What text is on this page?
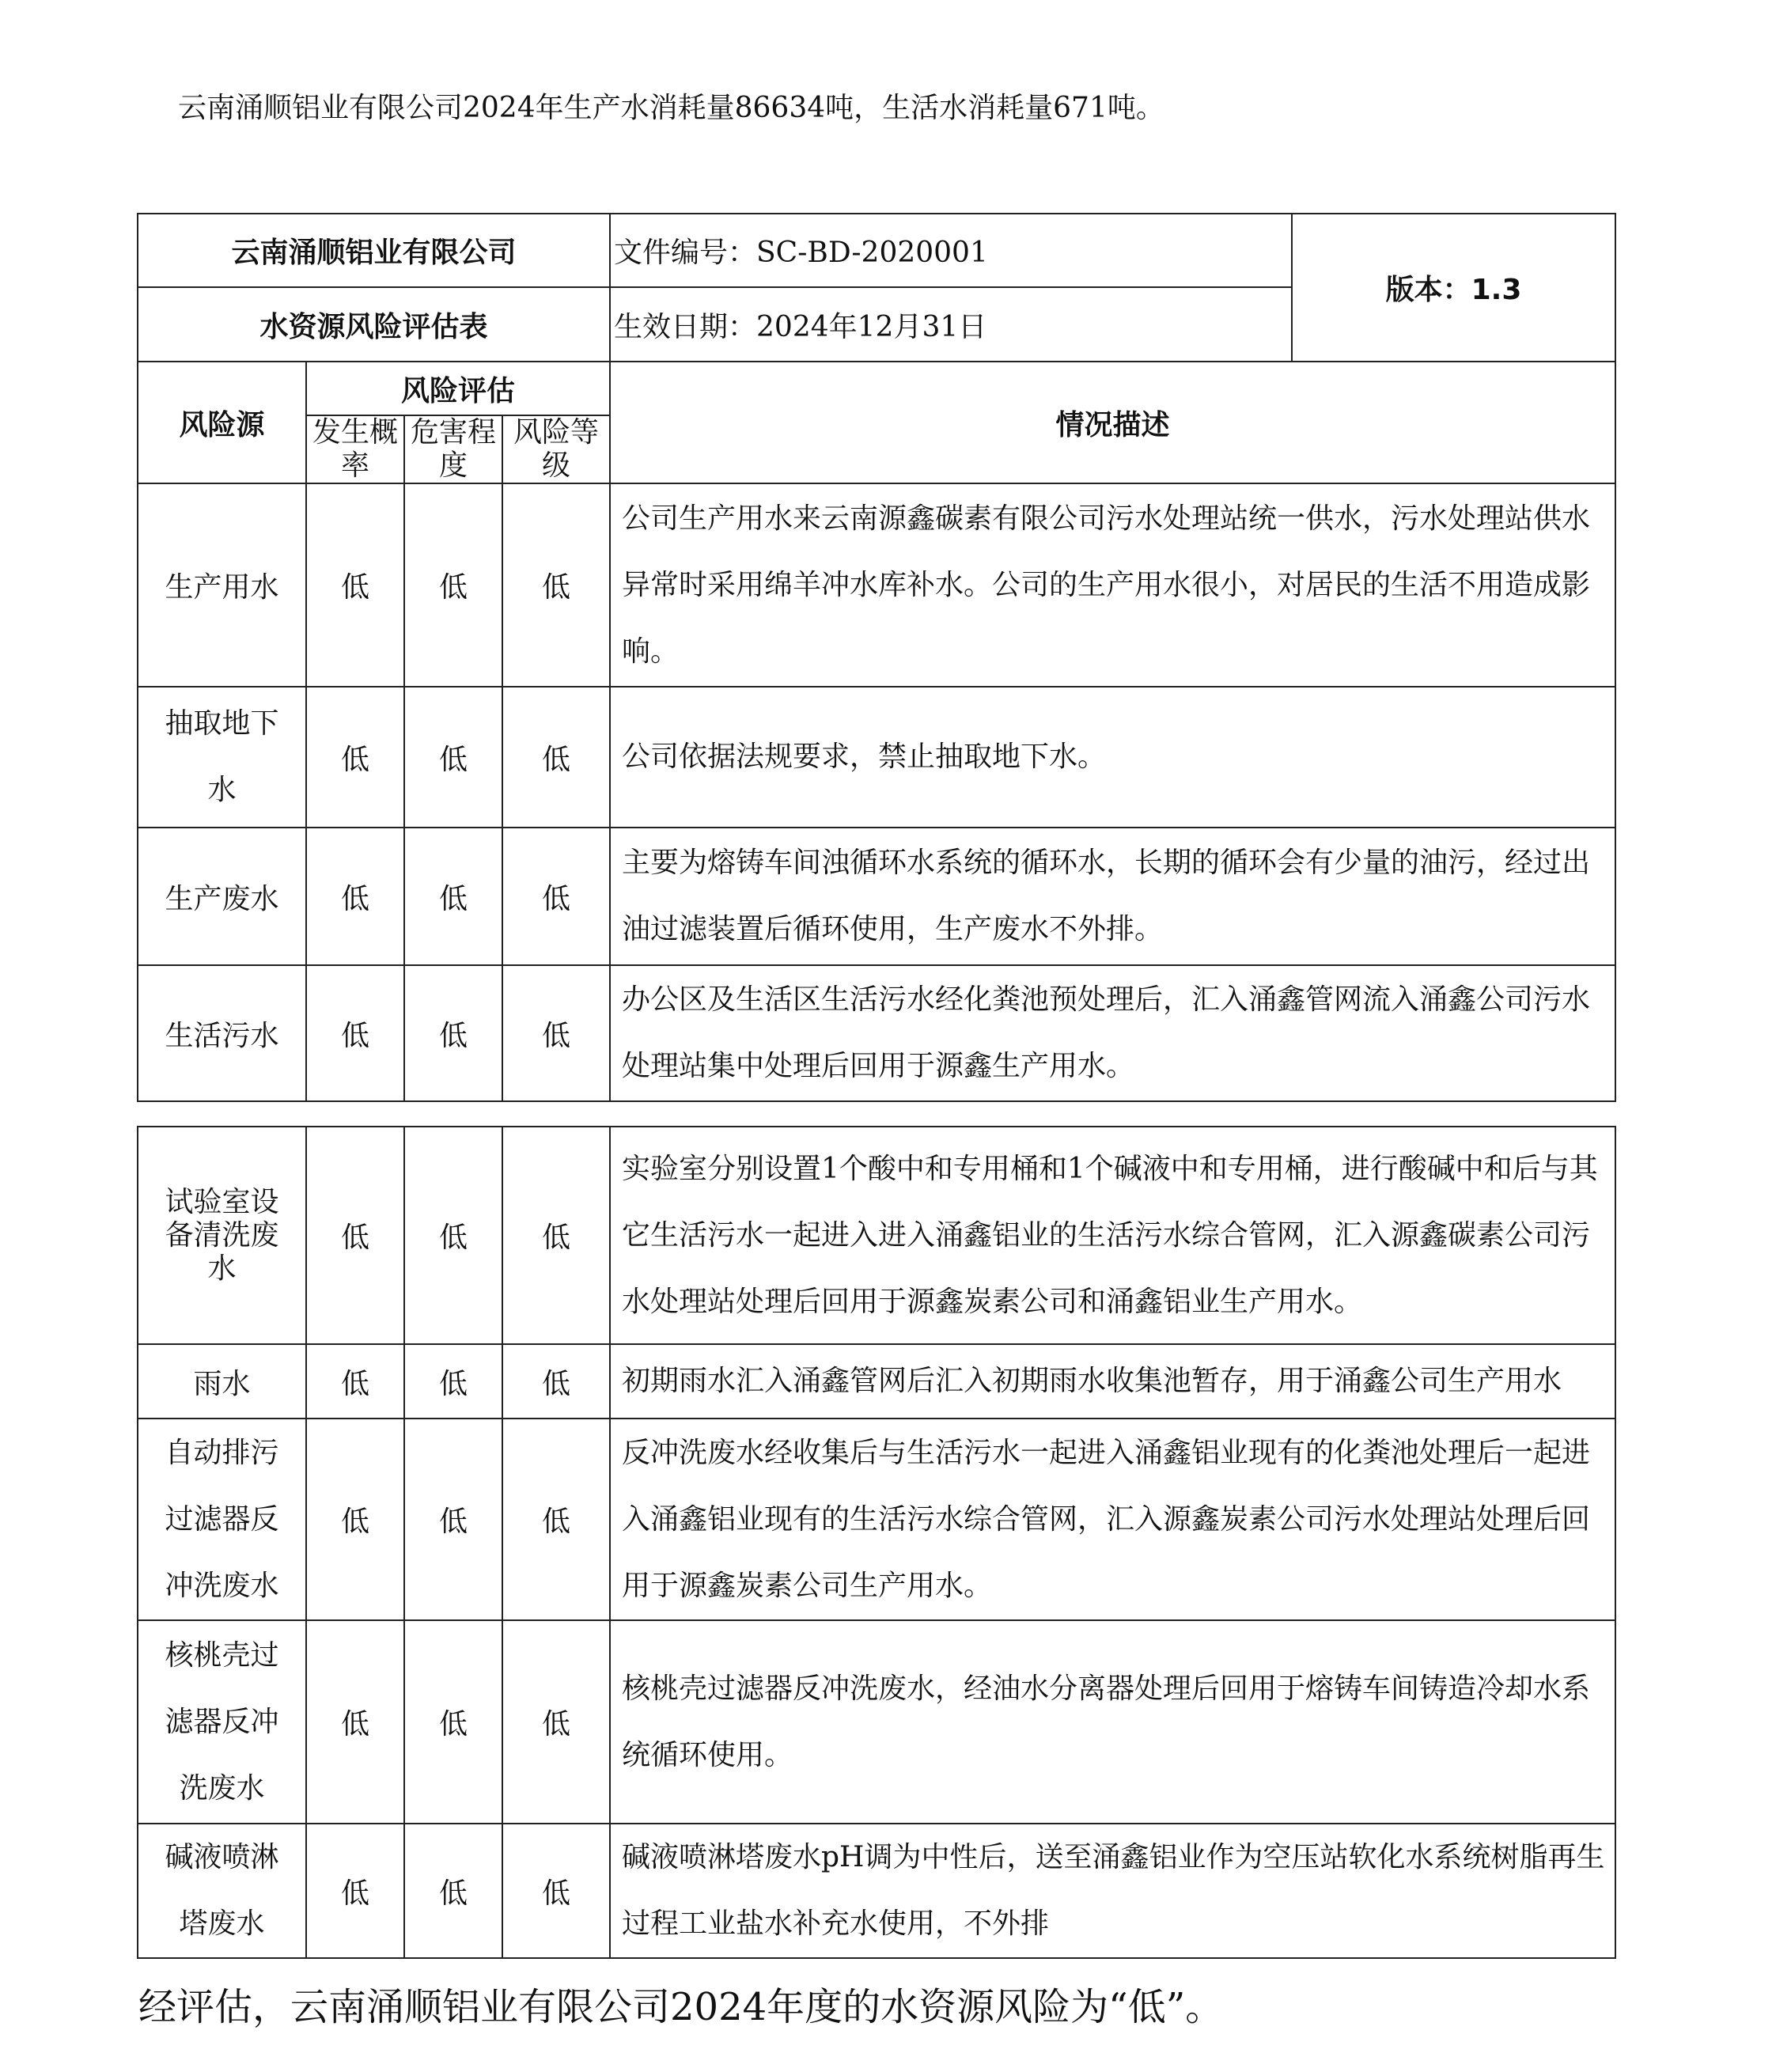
云南涌顺铝业有限公司2024年生产水消耗量86634吨，生活水消耗量671吨。
云南涌顺铝业有限公司				文件编号：SC-BD-2020001	版本：1.3
水资源风险评估表				生效日期：2024年12月31日	
风险源	风险评估			情况描述	
	发生概率	危害程度	风险等级		
生产用水	低	低	低	公司生产用水来云南源鑫碳素有限公司污水处理站统一供水，污水处理站供水异常时采用绵羊冲水库补水。公司的生产用水很小，对居民的生活不用造成影响。	
抽取地下水	低	低	低	公司依据法规要求，禁止抽取地下水。	
生产废水	低	低	低	主要为熔铸车间浊循环水系统的循环水，长期的循环会有少量的油污，经过出油过滤装置后循环使用，生产废水不外排。	
生活污水	低	低	低	办公区及生活区生活污水经化粪池预处理后，汇入涌鑫管网流入涌鑫公司污水处理站集中处理后回用于源鑫生产用水。	
试验室设备清洗废水	低	低	低	实验室分别设置1个酸中和专用桶和1个碱液中和专用桶，进行酸碱中和后与其它生活污水一起进入进入涌鑫铝业的生活污水综合管网，汇入源鑫碳素公司污水处理站处理后回用于源鑫炭素公司和涌鑫铝业生产用水。
雨水	低	低	低	初期雨水汇入涌鑫管网后汇入初期雨水收集池暂存，用于涌鑫公司生产用水
自动排污过滤器反冲洗废水	低	低	低	反冲洗废水经收集后与生活污水一起进入涌鑫铝业现有的化粪池处理后一起进入涌鑫铝业现有的生活污水综合管网，汇入源鑫炭素公司污水处理站处理后回用于源鑫炭素公司生产用水。
核桃壳过滤器反冲洗废水	低	低	低	核桃壳过滤器反冲洗废水，经油水分离器处理后回用于熔铸车间铸造冷却水系统循环使用。
碱液喷淋塔废水	低	低	低	碱液喷淋塔废水pH调为中性后，送至涌鑫铝业作为空压站软化水系统树脂再生过程工业盐水补充水使用，不外排
经评估，云南涌顺铝业有限公司2024年度的水资源风险为“低”。
